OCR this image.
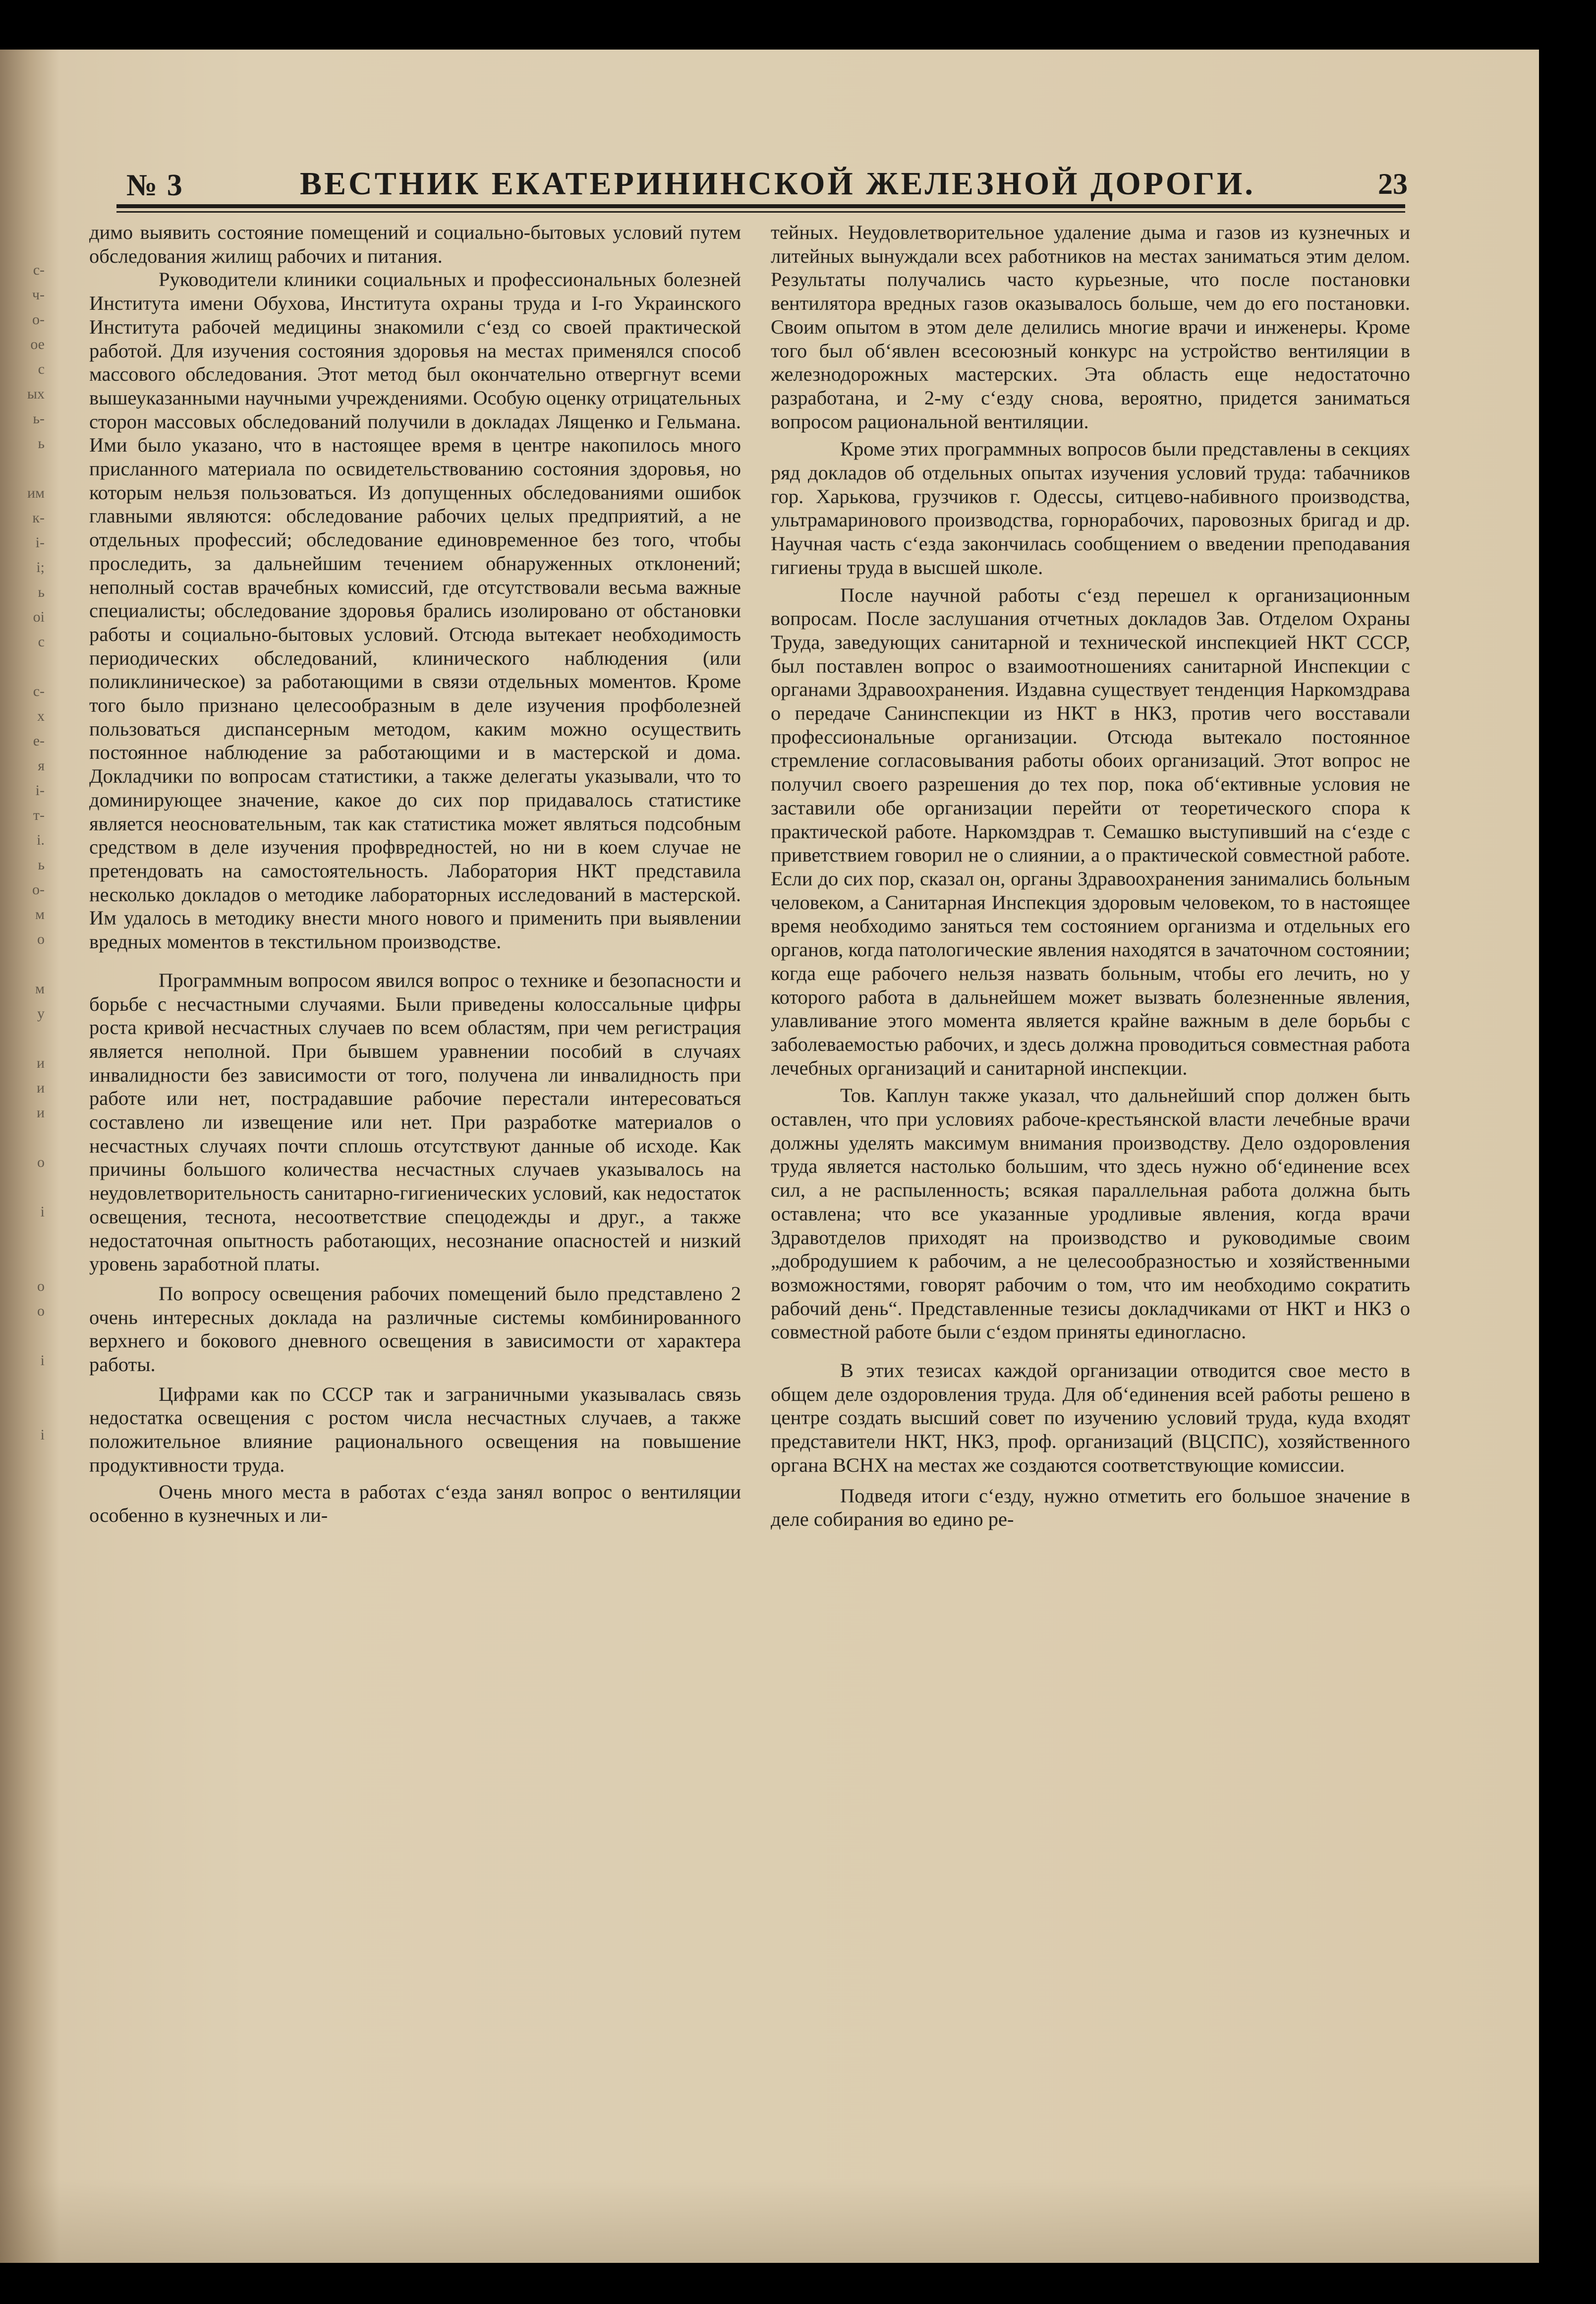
с-
ч-
о-
ое
с
ых
ь-
ь

им
к-
і-
і;
ь
оі
с

с-
х
е-
я
і-
т-
і.
ь
о-
м
о

м
у

и
и
и

о

і

о
о

і

і

№ 3	ВЕСТНИК ЕКАТЕРИНИНСКОЙ ЖЕЛЕЗНОЙ ДОРОГИ.	23

димо выявить состояние помещений и социально-бытовых условий путем обследования жилищ рабочих и питания.

Руководители клиники социальных и профессиональных болезней Института имени Обухова, Института охраны труда и I-го Украинского Института рабочей медицины знакомили с‘езд со своей практической работой. Для изучения состояния здоровья на местах применялся способ массового обследования. Этот метод был окончательно отвергнут всеми вышеуказанными научными учреждениями. Особую оценку отрицательных сторон массовых обследований получили в докладах Лященко и Гельмана. Ими было указано, что в настоящее время в центре накопилось много присланного материала по освидетельствованию состояния здоровья, но которым нельзя пользоваться. Из допущенных обследованиями ошибок главными являются: обследование рабочих целых предприятий, а не отдельных профессий; обследование единовременное без того, чтобы проследить, за дальнейшим течением обнаруженных отклонений; неполный состав врачебных комиссий, где отсутствовали весьма важные специалисты; обследование здоровья брались изолировано от обстановки работы и социально-бытовых условий. Отсюда вытекает необходимость периодических обследований, клинического наблюдения (или поликлиническое) за работающими в связи отдельных моментов. Кроме того было признано целесообразным в деле изучения профболезней пользоваться диспансерным методом, каким можно осуществить постоянное наблюдение за работающими и в мастерской и дома. Докладчики по вопросам статистики, а также делегаты указывали, что то доминирующее значение, какое до сих пор придавалось статистике является неосновательным, так как статистика может являться подсобным средством в деле изучения профвредностей, но ни в коем случае не претендовать на самостоятельность. Лаборатория НКТ представила несколько докладов о методике лабораторных исследований в мастерской. Им удалось в методику внести много нового и применить при выявлении вредных моментов в текстильном производстве.

Программным вопросом явился вопрос о технике и безопасности и борьбе с несчастными случаями. Были приведены колоссальные цифры роста кривой несчастных случаев по всем областям, при чем регистрация является неполной. При бывшем уравнении пособий в случаях инвалидности без зависимости от того, получена ли инвалидность при работе или нет, пострадавшие рабочие перестали интересоваться составлено ли извещение или нет. При разработке материалов о несчастных случаях почти сплошь отсутствуют данные об исходе. Как причины большого количества несчастных случаев указывалось на неудовлетворительность санитарно-гигиенических условий, как недостаток освещения, теснота, несоответствие спецодежды и друг., а также недостаточная опытность работающих, несознание опасностей и низкий уровень заработной платы.

По вопросу освещения рабочих помещений было представлено 2 очень интересных доклада на различные системы комбинированного верхнего и бокового дневного освещения в зависимости от характера работы.

Цифрами как по СССР так и заграничными указывалась связь недостатка освещения с ростом числа несчастных случаев, а также положительное влияние рационального освещения на повышение продуктивности труда.

Очень много места в работах с‘езда занял вопрос о вентиляции особенно в кузнечных и ли-

тейных. Неудовлетворительное удаление дыма и газов из кузнечных и литейных вынуждали всех работников на местах заниматься этим делом. Результаты получались часто курьезные, что после постановки вентилятора вредных газов оказывалось больше, чем до его постановки. Своим опытом в этом деле делились многие врачи и инженеры. Кроме того был об‘явлен всесоюзный конкурс на устройство вентиляции в железнодорожных мастерских. Эта область еще недостаточно разработана, и 2-му с‘езду снова, вероятно, придется заниматься вопросом рациональной вентиляции.

Кроме этих программных вопросов были представлены в секциях ряд докладов об отдельных опытах изучения условий труда: табачников гор. Харькова, грузчиков г. Одессы, ситцево-набивного производства, ультрамаринового производства, горнорабочих, паровозных бригад и др. Научная часть с‘езда закончилась сообщением о введении преподавания гигиены труда в высшей школе.

После научной работы с‘езд перешел к организационным вопросам. После заслушания отчетных докладов Зав. Отделом Охраны Труда, заведующих санитарной и технической инспекцией НКТ СССР, был поставлен вопрос о взаимоотношениях санитарной Инспекции с органами Здравоохранения. Издавна существует тенденция Наркомздрава о передаче Санинспекции из НКТ в НКЗ, против чего восставали профессиональные организации. Отсюда вытекало постоянное стремление согласовывания работы обоих организаций. Этот вопрос не получил своего разрешения до тех пор, пока об‘ективные условия не заставили обе организации перейти от теоретического спора к практической работе. Наркомздрав т. Семашко выступивший на с‘езде с приветствием говорил не о слиянии, а о практической совместной работе. Если до сих пор, сказал он, органы Здравоохранения занимались больным человеком, а Санитарная Инспекция здоровым человеком, то в настоящее время необходимо заняться тем состоянием организма и отдельных его органов, когда патологические явления находятся в зачаточном состоянии; когда еще рабочего нельзя назвать больным, чтобы его лечить, но у которого работа в дальнейшем может вызвать болезненные явления, улавливание этого момента является крайне важным в деле борьбы с заболеваемостью рабочих, и здесь должна проводиться совместная работа лечебных организаций и санитарной инспекции.

Тов. Каплун также указал, что дальнейший спор должен быть оставлен, что при условиях рабоче-крестьянской власти лечебные врачи должны уделять максимум внимания производству. Дело оздоровления труда является настолько большим, что здесь нужно об‘единение всех сил, а не распыленность; всякая параллельная работа должна быть оставлена; что все указанные уродливые явления, когда врачи Здравотделов приходят на производство и руководимые своим „добродушием к рабочим, а не целесообразностью и хозяйственными возможностями, говорят рабочим о том, что им необходимо сократить рабочий день“. Представленные тезисы докладчиками от НКТ и НКЗ о совместной работе были с‘ездом приняты единогласно.

В этих тезисах каждой организации отводится свое место в общем деле оздоровления труда. Для об‘единения всей работы решено в центре создать высший совет по изучению условий труда, куда входят представители НКТ, НКЗ, проф. организаций (ВЦСПС), хозяйственного органа ВСНХ на местах же создаются соответствующие комиссии.

Подведя итоги с‘езду, нужно отметить его большое значение в деле собирания во едино ре-
